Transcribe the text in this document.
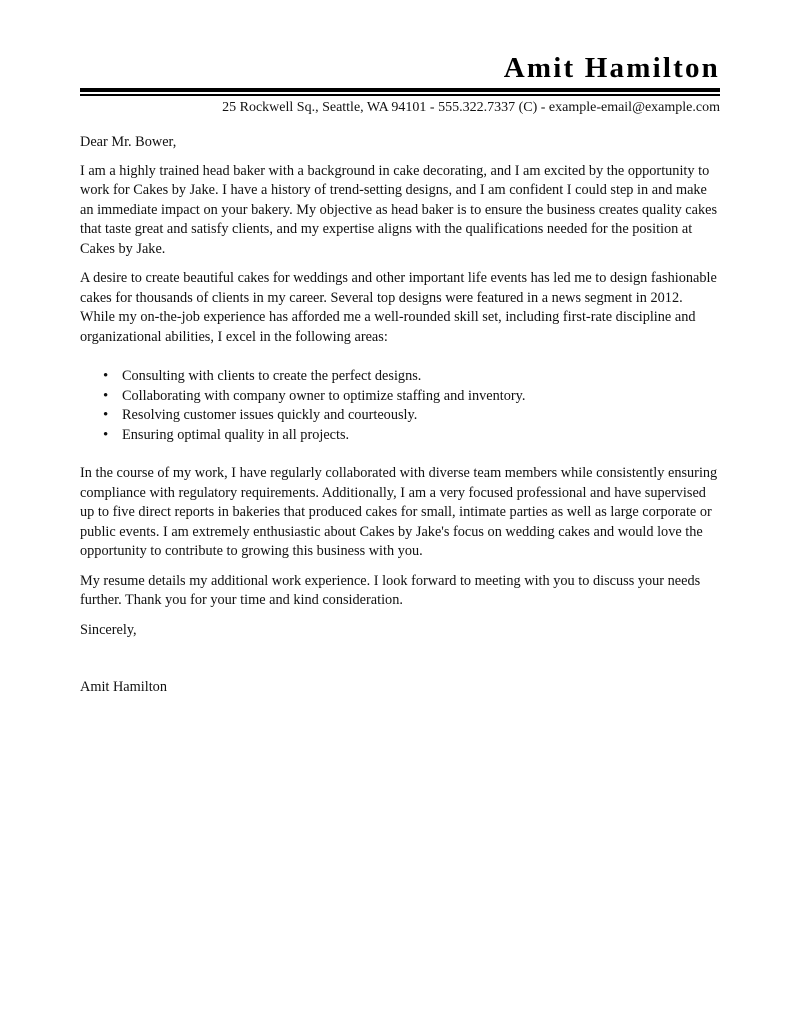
Amit Hamilton
25 Rockwell Sq., Seattle, WA 94101 - 555.322.7337 (C) - example-email@example.com

Dear Mr. Bower,

I am a highly trained head baker with a background in cake decorating, and I am excited by the opportunity to work for Cakes by Jake. I have a history of trend-setting designs, and I am confident I could step in and make an immediate impact on your bakery. My objective as head baker is to ensure the business creates quality cakes that taste great and satisfy clients, and my expertise aligns with the qualifications needed for the position at Cakes by Jake.

A desire to create beautiful cakes for weddings and other important life events has led me to design fashionable cakes for thousands of clients in my career. Several top designs were featured in a news segment in 2012. While my on-the-job experience has afforded me a well-rounded skill set, including first-rate discipline and organizational abilities, I excel in the following areas:

• Consulting with clients to create the perfect designs.
• Collaborating with company owner to optimize staffing and inventory.
• Resolving customer issues quickly and courteously.
• Ensuring optimal quality in all projects.

In the course of my work, I have regularly collaborated with diverse team members while consistently ensuring compliance with regulatory requirements. Additionally, I am a very focused professional and have supervised up to five direct reports in bakeries that produced cakes for small, intimate parties as well as large corporate or public events. I am extremely enthusiastic about Cakes by Jake's focus on wedding cakes and would love the opportunity to contribute to growing this business with you.

My resume details my additional work experience. I look forward to meeting with you to discuss your needs further. Thank you for your time and kind consideration.

Sincerely,

Amit Hamilton
